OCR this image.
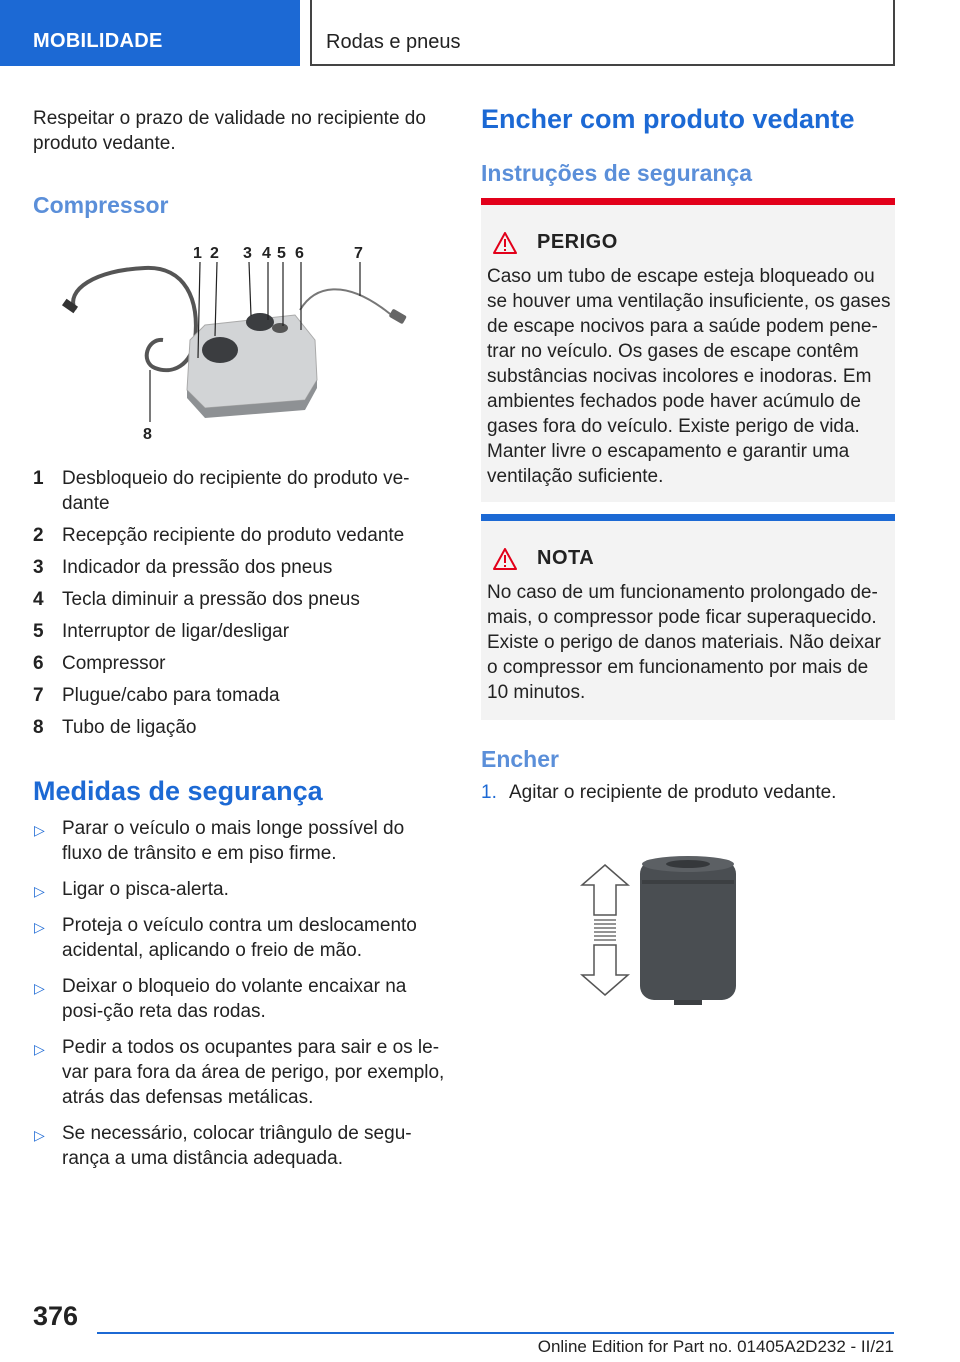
MOBILIDADE	Rodas e pneus

Respeitar o prazo de validade no recipiente do produto vedante.

Compressor
1 2 3 4 5 6	7
8
1 Desbloqueio do recipiente do produto ve-dante
2 Recepção recipiente do produto vedante
3 Indicador da pressão dos pneus
4 Tecla diminuir a pressão dos pneus
5 Interruptor de ligar/desligar
6 Compressor
7 Plugue/cabo para tomada
8 Tubo de ligação
Medidas de segurança
▷ Parar o veículo o mais longe possível do fluxo de trânsito e em piso firme.
▷ Ligar o pisca-alerta.
▷ Proteja o veículo contra um deslocamento acidental, aplicando o freio de mão.
▷ Deixar o bloqueio do volante encaixar na posi-ção reta das rodas.
▷ Pedir a todos os ocupantes para sair e os le-var para fora da área de perigo, por exemplo, atrás das defensas metálicas.
▷ Se necessário, colocar triângulo de segu-rança a uma distância adequada.
Encher com produto vedante
Instruções de segurança
PERIGO

Caso um tubo de escape esteja bloqueado ou se houver uma ventilação insuficiente, os gases de escape nocivos para a saúde podem pene-trar no veículo. Os gases de escape contêm substâncias nocivas incolores e inodoras. Em ambientes fechados pode haver acúmulo de gases fora do veículo. Existe perigo de vida. Manter livre o escapamento e garantir uma ventilação suficiente.

NOTA

No caso de um funcionamento prolongado de-mais, o compressor pode ficar superaquecido. Existe o perigo de danos materiais. Não deixar o compressor em funcionamento por mais de 10 minutos.

Encher
1. Agitar o recipiente de produto vedante.
376
Online Edition for Part no. 01405A2D232 - II/21
